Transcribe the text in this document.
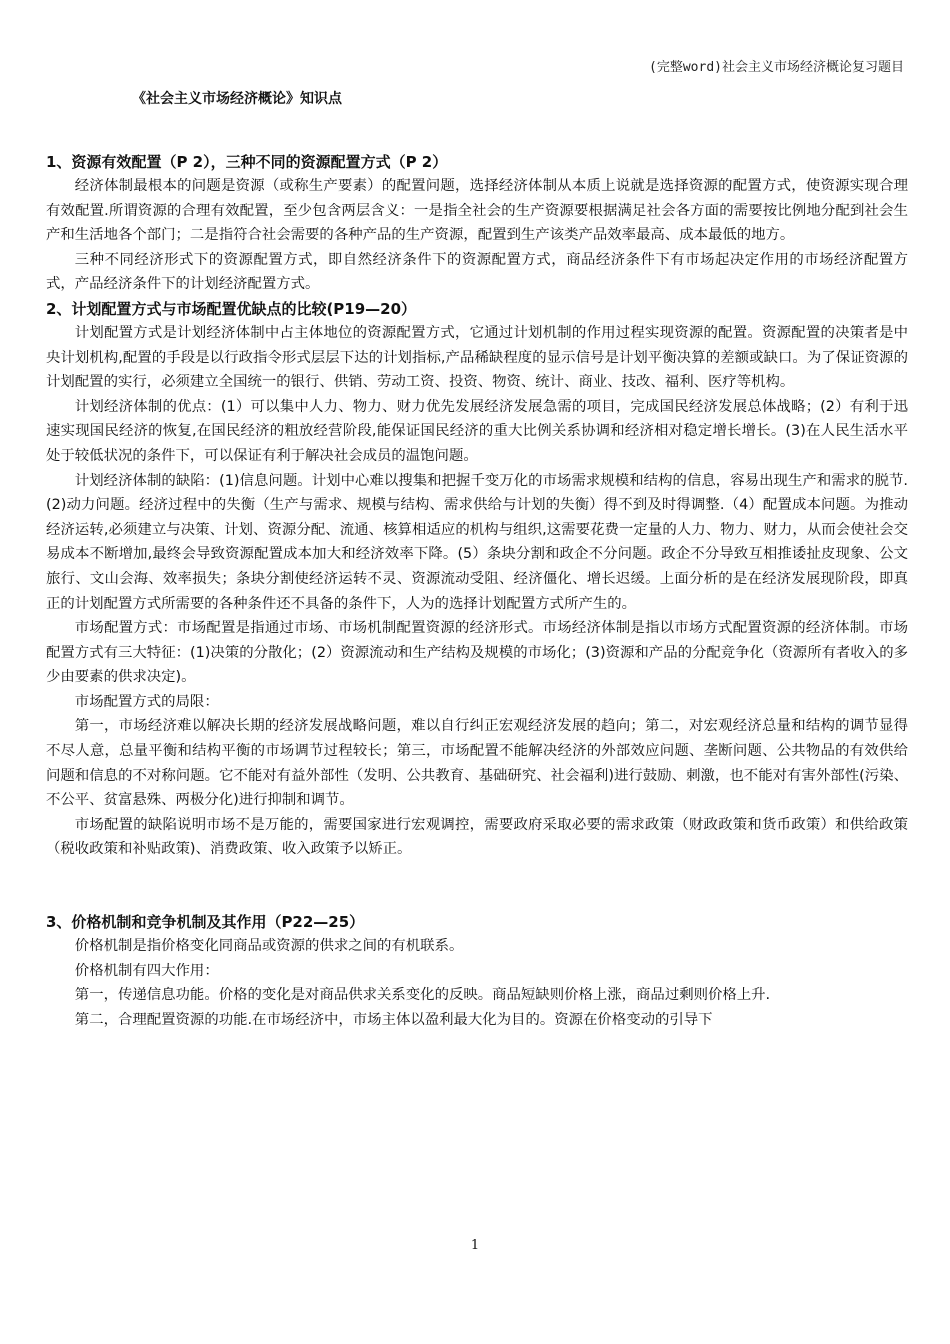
(完整word)社会主义市场经济概论复习题目
《社会主义市场经济概论》知识点

1、资源有效配置（P 2），三种不同的资源配置方式（P 2）

经济体制最根本的问题是资源（或称生产要素）的配置问题，选择经济体制从本质上说就是选择资源的配置方式，使资源实现合理有效配置.所谓资源的合理有效配置，至少包含两层含义：一是指全社会的生产资源要根据满足社会各方面的需要按比例地分配到社会生产和生活地各个部门；二是指符合社会需要的各种产品的生产资源，配置到生产该类产品效率最高、成本最低的地方。

三种不同经济形式下的资源配置方式，即自然经济条件下的资源配置方式，商品经济条件下有市场起决定作用的市场经济配置方式，产品经济条件下的计划经济配置方式。

2、计划配置方式与市场配置优缺点的比较(P19—20）

计划配置方式是计划经济体制中占主体地位的资源配置方式，它通过计划机制的作用过程实现资源的配置。资源配置的决策者是中央计划机构,配置的手段是以行政指令形式层层下达的计划指标,产品稀缺程度的显示信号是计划平衡决算的差额或缺口。为了保证资源的计划配置的实行，必须建立全国统一的银行、供销、劳动工资、投资、物资、统计、商业、技改、福利、医疗等机构。

计划经济体制的优点：(1）可以集中人力、物力、财力优先发展经济发展急需的项目，完成国民经济发展总体战略；(2）有利于迅速实现国民经济的恢复,在国民经济的粗放经营阶段,能保证国民经济的重大比例关系协调和经济相对稳定增长增长。(3)在人民生活水平处于较低状况的条件下，可以保证有利于解决社会成员的温饱问题。

计划经济体制的缺陷：(1)信息问题。计划中心难以搜集和把握千变万化的市场需求规模和结构的信息，容易出现生产和需求的脱节.(2)动力问题。经济过程中的失衡（生产与需求、规模与结构、需求供给与计划的失衡）得不到及时得调整.（4）配置成本问题。为推动经济运转,必须建立与决策、计划、资源分配、流通、核算相适应的机构与组织,这需要花费一定量的人力、物力、财力，从而会使社会交易成本不断增加,最终会导致资源配置成本加大和经济效率下降。(5）条块分割和政企不分问题。政企不分导致互相推诿扯皮现象、公文旅行、文山会海、效率损失；条块分割使经济运转不灵、资源流动受阻、经济僵化、增长迟缓。上面分析的是在经济发展现阶段，即真正的计划配置方式所需要的各种条件还不具备的条件下，人为的选择计划配置方式所产生的。

市场配置方式：市场配置是指通过市场、市场机制配置资源的经济形式。市场经济体制是指以市场方式配置资源的经济体制。市场配置方式有三大特征：(1)决策的分散化；(2）资源流动和生产结构及规模的市场化；(3)资源和产品的分配竞争化（资源所有者收入的多少由要素的供求决定)。

市场配置方式的局限：

第一，市场经济难以解决长期的经济发展战略问题，难以自行纠正宏观经济发展的趋向；第二，对宏观经济总量和结构的调节显得不尽人意，总量平衡和结构平衡的市场调节过程较长；第三，市场配置不能解决经济的外部效应问题、垄断问题、公共物品的有效供给问题和信息的不对称问题。它不能对有益外部性（发明、公共教育、基础研究、社会福利)进行鼓励、刺激，也不能对有害外部性(污染、不公平、贫富悬殊、两极分化)进行抑制和调节。

市场配置的缺陷说明市场不是万能的，需要国家进行宏观调控，需要政府采取必要的需求政策（财政政策和货币政策）和供给政策（税收政策和补贴政策)、消费政策、收入政策予以矫正。

3、价格机制和竞争机制及其作用（P22—25）

价格机制是指价格变化同商品或资源的供求之间的有机联系。

价格机制有四大作用：

第一，传递信息功能。价格的变化是对商品供求关系变化的反映。商品短缺则价格上涨，商品过剩则价格上升.

第二，合理配置资源的功能.在市场经济中，市场主体以盈利最大化为目的。资源在价格变动的引导下

1
